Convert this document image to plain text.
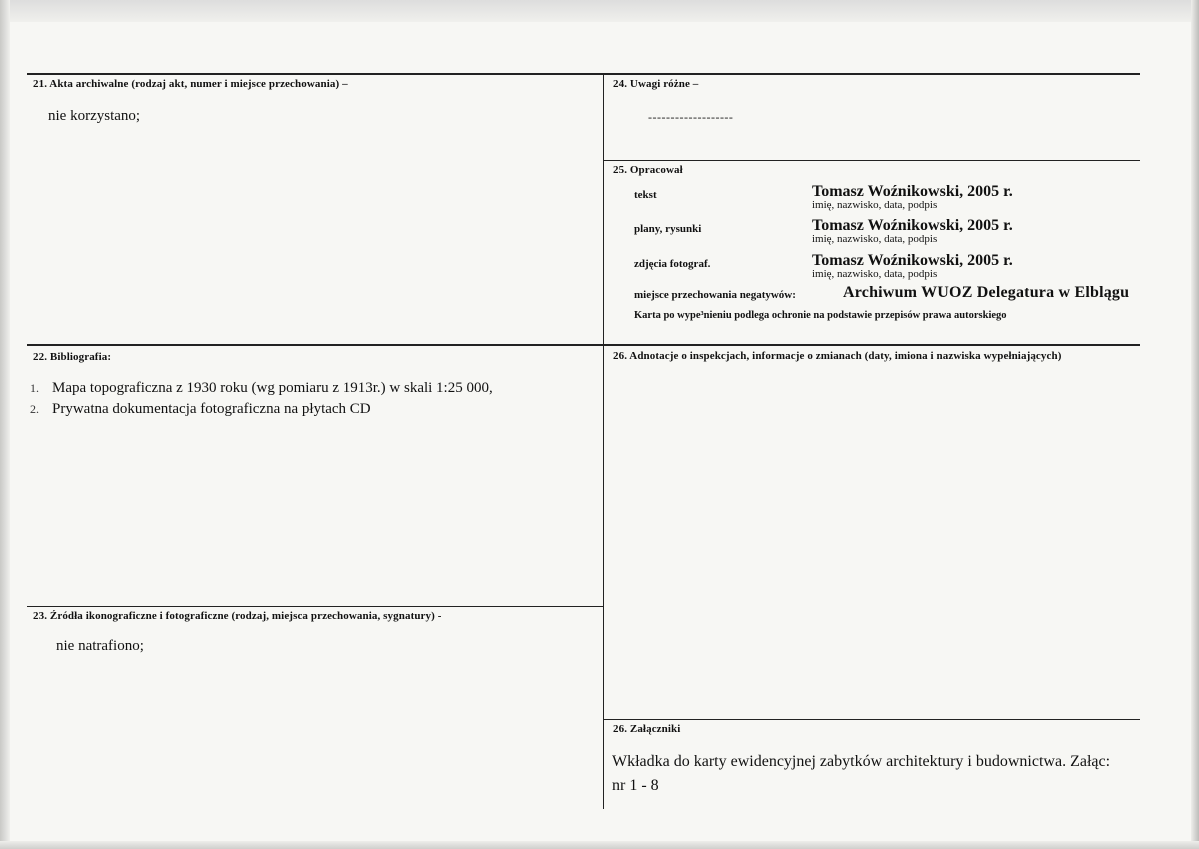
21. Akta archiwalne (rodzaj akt, numer i miejsce przechowania) –
nie korzystano;
22. Bibliografia:
1. Mapa topograficzna z 1930 roku (wg pomiaru z 1913r.) w skali 1:25 000,
2. Prywatna dokumentacja fotograficzna na płytach CD
23. Źródła ikonograficzne i fotograficzne (rodzaj, miejsca przechowania, sygnatury) -
nie natrafiono;
24. Uwagi różne –
-------------------
25. Opracował
tekst	Tomasz Woźnikowski, 2005 r.
imię, nazwisko, data, podpis
plany, rysunki	Tomasz Woźnikowski, 2005 r.
imię, nazwisko, data, podpis
zdjęcia fotograf.	Tomasz Woźnikowski, 2005 r.
imię, nazwisko, data, podpis
miejsce przechowania negatywów:	Archiwum WUOZ Delegatura w Elblągu
Karta po wype³nieniu podlega ochronie na podstawie przepisów prawa autorskiego
26. Adnotacje o inspekcjach, informacje o zmianach (daty, imiona i nazwiska wypełniających)
26. Załączniki
Wkładka do karty ewidencyjnej zabytków architektury i budownictwa. Załąc:
nr 1 - 8
